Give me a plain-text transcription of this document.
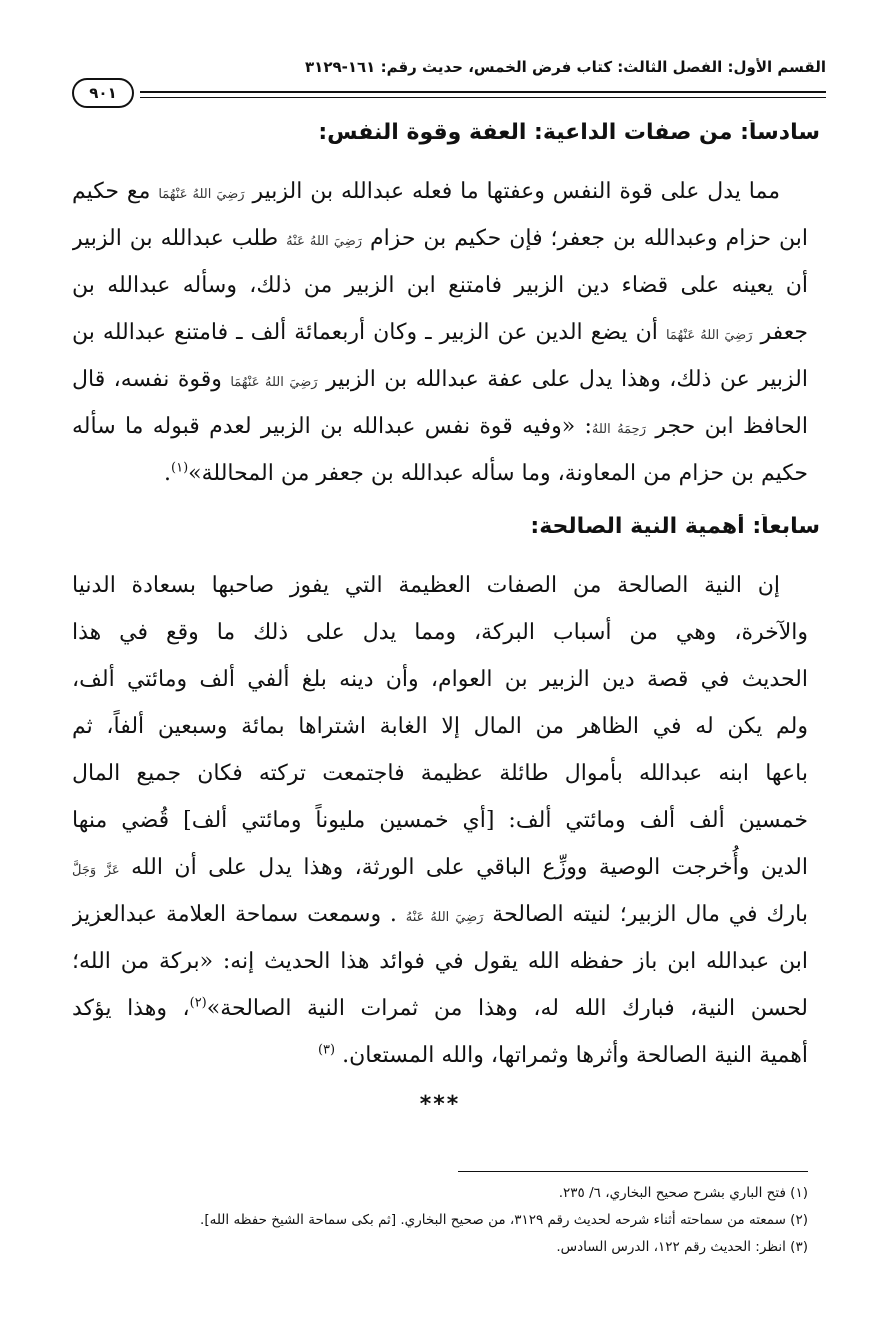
القسم الأول: الفصل الثالث: كتاب فرض الخمس، حديث رقم: ١٦١-٣١٢٩
٩٠١
سادساً: من صفات الداعية: العفة وقوة النفس:
مما يدل على قوة النفس وعفتها ما فعله عبدالله بن الزبير رَضِيَ اللهُ عَنْهُمَا مع حكيم
ابن حزام وعبدالله بن جعفر؛ فإن حكيم بن حزام رَضِيَ اللهُ عَنْهُ طلب عبدالله بن الزبير
أن يعينه على قضاء دين الزبير فامتنع ابن الزبير من ذلك، وسأله عبدالله بن
جعفر رَضِيَ اللهُ عَنْهُمَا أن يضع الدين عن الزبير ـ وكان أربعمائة ألف ـ فامتنع عبدالله بن
الزبير عن ذلك، وهذا يدل على عفة عبدالله بن الزبير رَضِيَ اللهُ عَنْهُمَا وقوة نفسه، قال
الحافظ ابن حجر رَحِمَهُ اللهُ: «وفيه قوة نفس عبدالله بن الزبير لعدم قبوله ما سأله
حكيم بن حزام من المعاونة، وما سأله عبدالله بن جعفر من المحاللة»$^{(١)}$.
سابعاً: أهمية النية الصالحة:
إن النية الصالحة من الصفات العظيمة التي يفوز صاحبها بسعادة الدنيا
والآخرة، وهي من أسباب البركة، ومما يدل على ذلك ما وقع في هذا
الحديث في قصة دين الزبير بن العوام، وأن دينه بلغ ألفي ألف ومائتي ألف،
ولم يكن له في الظاهر من المال إلا الغابة اشتراها بمائة وسبعين ألفاً، ثم
باعها ابنه عبدالله بأموال طائلة عظيمة فاجتمعت تركته فكان جميع المال
خمسين ألف ألف ومائتي ألف: [أي خمسين مليوناً ومائتي ألف] قُضي منها
الدين وأُخرجت الوصية ووزِّع الباقي على الورثة، وهذا يدل على أن الله عَزَّ وَجَلَّ
بارك في مال الزبير؛ لنيته الصالحة رَضِيَ اللهُ عَنْهُ . وسمعت سماحة العلامة عبدالعزيز
ابن عبدالله ابن باز حفظه الله يقول في فوائد هذا الحديث إنه: «بركة من الله؛
لحسن النية، فبارك الله له، وهذا من ثمرات النية الصالحة»$^{(٢)}$، وهذا يؤكد
أهمية النية الصالحة وأثرها وثمراتها، والله المستعان. $^{(٣)}$
***
(١) فتح الباري بشرح صحيح البخاري، ٦/ ٢٣٥.
(٢) سمعته من سماحته أثناء شرحه لحديث رقم ٣١٢٩، من صحيح البخاري. [ثم بكى سماحة الشيخ حفظه الله].
(٣) انظر: الحديث رقم ١٢٢، الدرس السادس.
